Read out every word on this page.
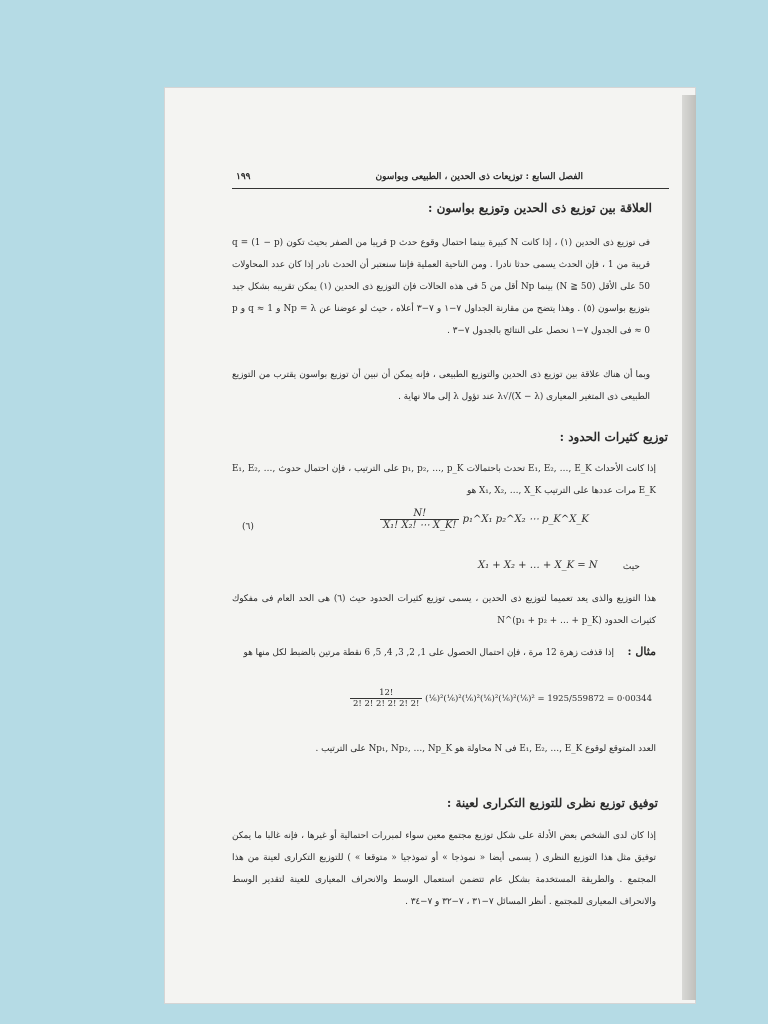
الفصل السابع : توزيعات ذى الحدين ، الطبيعى وبواسون
١٩٩
العلاقة بين توزيع ذى الحدين وتوزيع بواسون :
فى توزيع ذى الحدين (١) ، إذا كانت N كبيرة بينما احتمال وقوع حدث p قريبا من الصفر بحيث تكون q = (1 − p) قريبة من 1 ، فإن الحدث يسمى حدثا نادرا . ومن الناحية العملية فإننا سنعتبر أن الحدث نادر إذا كان عدد المحاولات 50 على الأقل (N ≧ 50) بينما Np أقل من 5 فى هذه الحالات فإن التوزيع ذى الحدين (١) يمكن تقريبه بشكل جيد بتوزيع بواسون (٥) . وهذا يتضح من مقارنة الجداول ٧−١ و ٧−٣ أعلاه ، حيث لو عوضنا عن Np = λ و q ≈ 1 و p ≈ 0 فى الجدول ٧−١ نحصل على النتائج بالجدول ٧−٣ .
وبما أن هناك علاقة بين توزيع ذى الحدين والتوزيع الطبيعى ، فإنه يمكن أن نبين أن توزيع بواسون يقترب من التوزيع الطبيعى ذى المتغير المعيارى (X − λ)/√λ عند تؤول λ إلى مالا نهاية .
توزيع كثيرات الحدود :
إذا كانت الأحداث E₁, E₂, …, E_K تحدث باحتمالات p₁, p₂, …, p_K على الترتيب ، فإن احتمال حدوث E₁, E₂, …, E_K مرات عددها على الترتيب X₁, X₂, …, X_K هو
$\frac{N!}{\text{X₁! X₂! ⋯ X\_K!}}$ p₁^X₁ p₂^X₂ ⋯ p_K^X_K
(٦)
حيث
X₁ + X₂ + … + X_K = N
هذا التوزيع والذى يعد تعميما لتوزيع ذى الحدين ، يسمى توزيع كثيرات الحدود حيث (٦) هى الحد العام فى مفكوك كثيرات الحدود (p₁ + p₂ + … + p_K)^N
مثال :
إذا قذفت زهرة 12 مرة ، فإن احتمال الحصول على 1, 2, 3, 4, 5, 6 نقطة مرتين بالضبط لكل منها هو
$\frac{12!}{2! 2! 2! 2! 2! 2!}$ (⅙)²(⅙)²(⅙)²(⅙)²(⅙)²(⅙)² = 1925/559872 = 0·00344
العدد المتوقع لوقوع E₁, E₂, …, E_K فى N محاولة هو Np₁, Np₂, …, Np_K على الترتيب .
توفيق توزيع نظرى للتوزيع التكرارى لعينة :
إذا كان لدى الشخص بعض الأدلة على شكل توزيع مجتمع معين سواء لمبررات احتمالية أو غيرها ، فإنه غالبا ما يمكن توفيق مثل هذا التوزيع النظرى ( يسمى أيضا « نموذجا » أو تموذجيا « متوقعا » ) للتوزيع التكرارى لعينة من هذا المجتمع . والطريقة المستخدمة بشكل عام تتضمن استعمال الوسط والانحراف المعيارى للعينة لتقدير الوسط والانحراف المعيارى للمجتمع . أنظر المسائل ٧−٣١ ، ٧−٣٢ و ٧−٣٤ .
